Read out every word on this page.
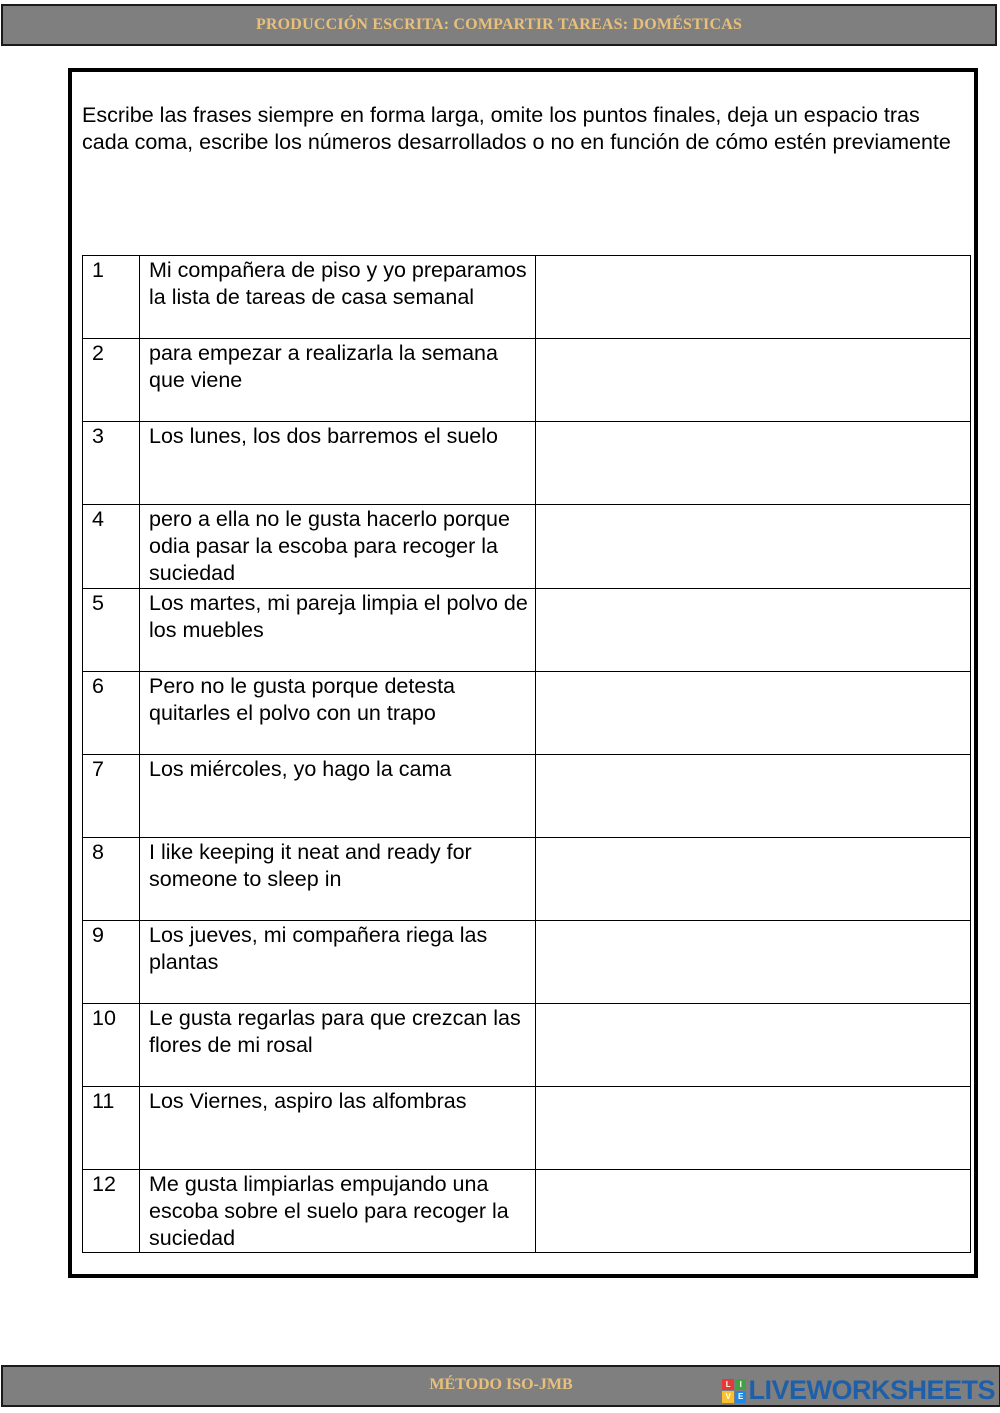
PRODUCCIÓN ESCRITA: COMPARTIR TAREAS: DOMÉSTICAS
Escribe las frases siempre en forma larga, omite los puntos finales, deja un espacio tras cada coma, escribe los números desarrollados o no en función de cómo estén previamente
1	Mi compañera de piso y yo preparamos la lista de tareas de casa semanal	
2	para empezar a realizarla la semana que viene	
3	Los lunes, los dos barremos el suelo	
4	pero a ella no le gusta hacerlo porque odia pasar la escoba para recoger la suciedad	
5	Los martes, mi pareja limpia el polvo de los muebles	
6	Pero no le gusta porque detesta quitarles el polvo con un trapo	
7	Los miércoles, yo hago la cama	
8	I like keeping it neat and ready for someone to sleep in	
9	Los jueves, mi compañera riega las plantas	
10	Le gusta regarlas para que crezcan las flores de mi rosal	
11	Los Viernes, aspiro las alfombras	
12	Me gusta limpiarlas empujando una escoba sobre el suelo para recoger la suciedad	
MÉTODO ISO-JMB	L	I
V E LIVEWORKSHEETS
